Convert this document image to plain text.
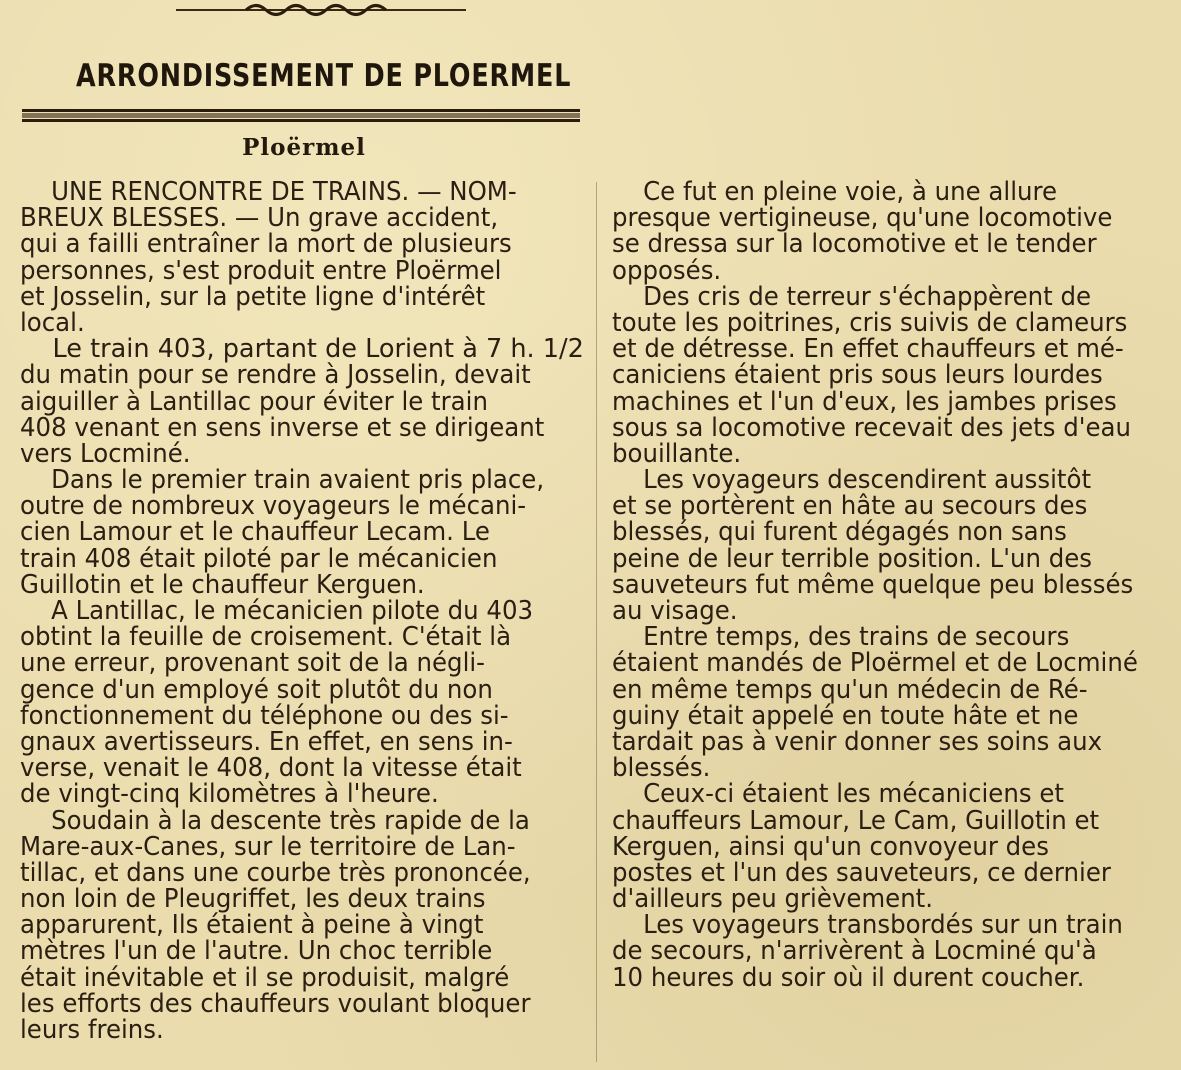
ARRONDISSEMENT DE PLOERMEL
Ploërmel
UNE RENCONTRE DE TRAINS. — NOM-
BREUX BLESSES. — Un grave accident,
qui a failli entraîner la mort de plusieurs
personnes, s'est produit entre Ploërmel
et Josselin, sur la petite ligne d'intérêt
local.
Le train 403, partant de Lorient à 7 h. 1/2
du matin pour se rendre à Josselin, devait
aiguiller à Lantillac pour éviter le train
408 venant en sens inverse et se dirigeant
vers Locminé.
Dans le premier train avaient pris place,
outre de nombreux voyageurs le mécani-
cien Lamour et le chauffeur Lecam. Le
train 408 était piloté par le mécanicien
Guillotin et le chauffeur Kerguen.
A Lantillac, le mécanicien pilote du 403
obtint la feuille de croisement. C'était là
une erreur, provenant soit de la négli-
gence d'un employé soit plutôt du non
fonctionnement du téléphone ou des si-
gnaux avertisseurs. En effet, en sens in-
verse, venait le 408, dont la vitesse était
de vingt-cinq kilomètres à l'heure.
Soudain à la descente très rapide de la
Mare-aux-Canes, sur le territoire de Lan-
tillac, et dans une courbe très prononcée,
non loin de Pleugriffet, les deux trains
apparurent, Ils étaient à peine à vingt
mètres l'un de l'autre. Un choc terrible
était inévitable et il se produisit, malgré
les efforts des chauffeurs voulant bloquer
leurs freins.
Ce fut en pleine voie, à une allure
presque vertigineuse, qu'une locomotive
se dressa sur la locomotive et le tender
opposés.
Des cris de terreur s'échappèrent de
toute les poitrines, cris suivis de clameurs
et de détresse. En effet chauffeurs et mé-
caniciens étaient pris sous leurs lourdes
machines et l'un d'eux, les jambes prises
sous sa locomotive recevait des jets d'eau
bouillante.
Les voyageurs descendirent aussitôt
et se portèrent en hâte au secours des
blessés, qui furent dégagés non sans
peine de leur terrible position. L'un des
sauveteurs fut même quelque peu blessés
au visage.
Entre temps, des trains de secours
étaient mandés de Ploërmel et de Locminé
en même temps qu'un médecin de Ré-
guiny était appelé en toute hâte et ne
tardait pas à venir donner ses soins aux
blessés.
Ceux-ci étaient les mécaniciens et
chauffeurs Lamour, Le Cam, Guillotin et
Kerguen, ainsi qu'un convoyeur des
postes et l'un des sauveteurs, ce dernier
d'ailleurs peu grièvement.
Les voyageurs transbordés sur un train
de secours, n'arrivèrent à Locminé qu'à
10 heures du soir où il durent coucher.
